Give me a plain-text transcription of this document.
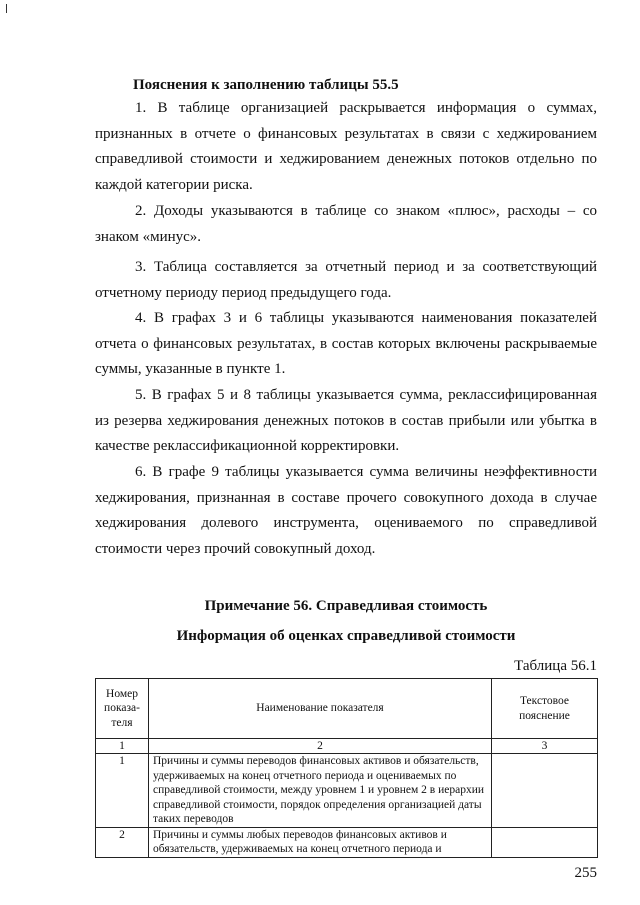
Пояснения к заполнению таблицы 55.5

1. В таблице организацией раскрывается информация о суммах, признанных в отчете о финансовых результатах в связи с хеджированием справедливой стоимости и хеджированием денежных потоков отдельно по каждой категории риска.

2. Доходы указываются в таблице со знаком «плюс», расходы – со знаком «минус».

3. Таблица составляется за отчетный период и за соответствующий отчетному периоду период предыдущего года.

4. В графах 3 и 6 таблицы указываются наименования показателей отчета о финансовых результатах, в состав которых включены раскрываемые суммы, указанные в пункте 1.

5. В графах 5 и 8 таблицы указывается сумма, реклассифицированная из резерва хеджирования денежных потоков в состав прибыли или убытка в качестве реклассификационной корректировки.

6. В графе 9 таблицы указывается сумма величины неэффективности хеджирования, признанная в составе прочего совокупного дохода в случае хеджирования долевого инструмента, оцениваемого по справедливой стоимости через прочий совокупный доход.

Примечание 56. Справедливая стоимость
Информация об оценках справедливой стоимости
Таблица 56.1
Номер показа-теля	Наименование показателя	Текстовое пояснение
1	2	3
1	Причины и суммы переводов финансовых активов и обязательств, удерживаемых на конец отчетного периода и оцениваемых по справедливой стоимости, между уровнем 1 и уровнем 2 в иерархии справедливой стоимости, порядок определения организацией даты таких переводов	
2	Причины и суммы любых переводов финансовых активов и обязательств, удерживаемых на конец отчетного периода и	
255
